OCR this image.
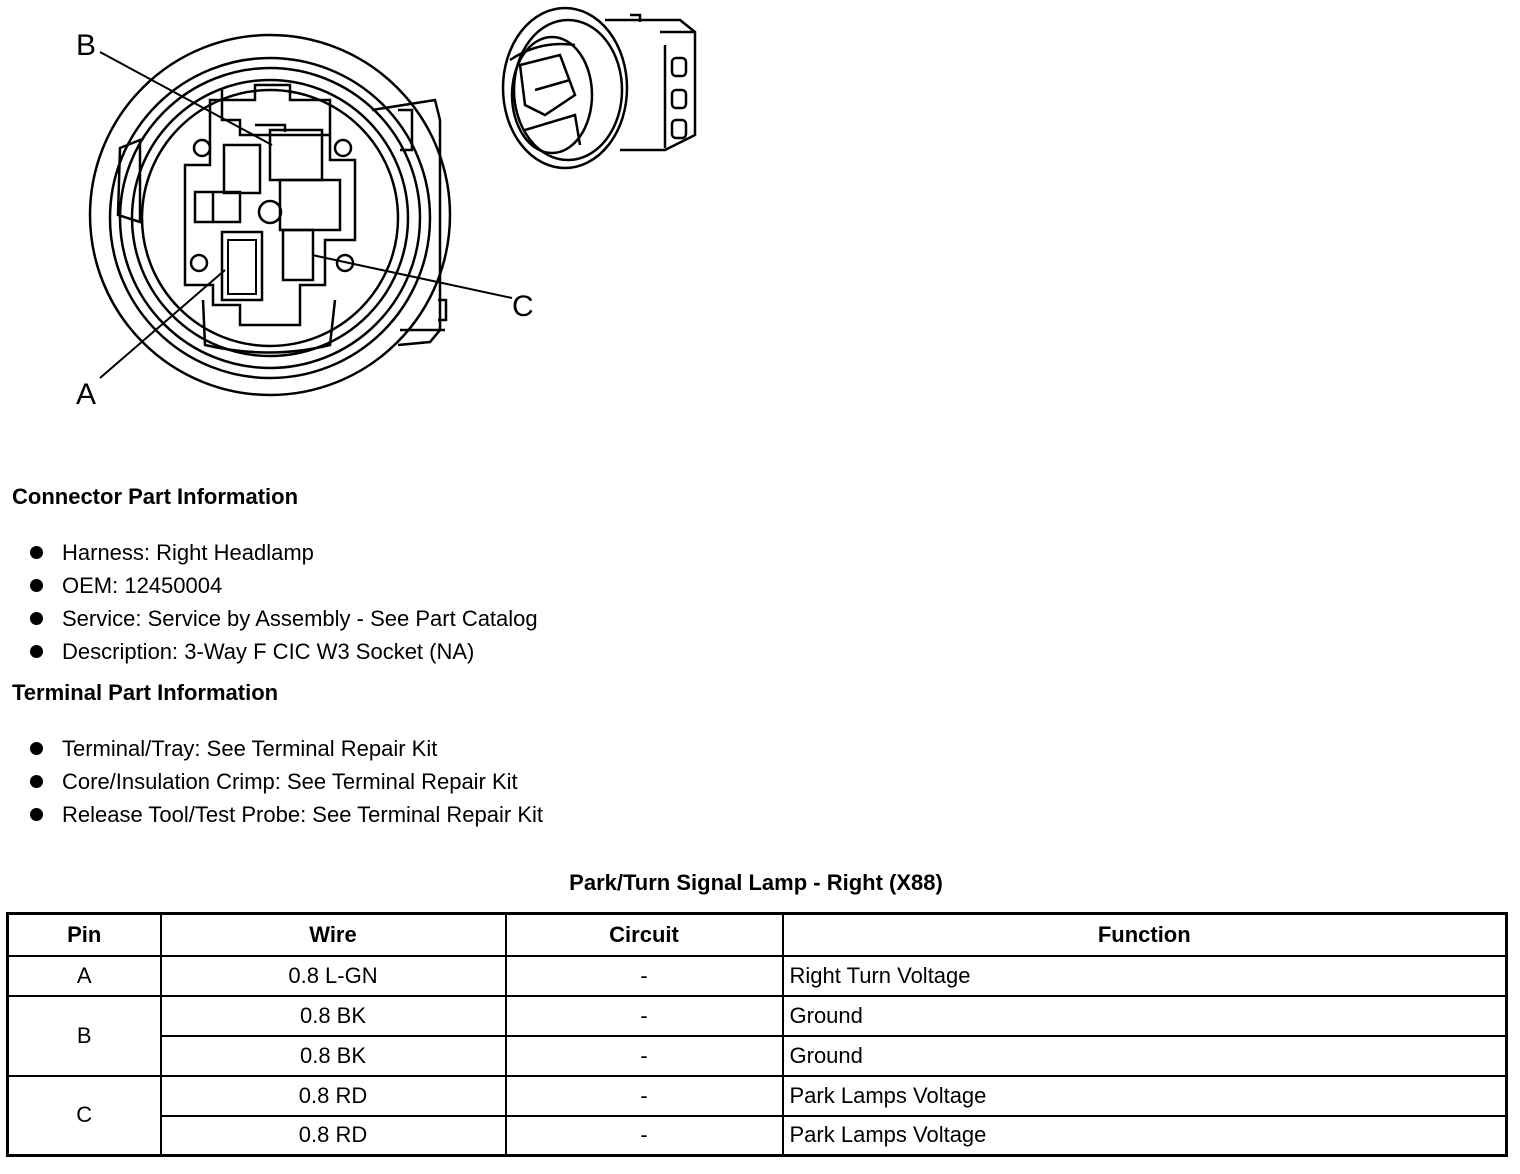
B
C
A
Connector Part Information
Harness: Right Headlamp
OEM: 12450004
Service: Service by Assembly - See Part Catalog
Description: 3-Way F CIC W3 Socket (NA)
Terminal Part Information
Terminal/Tray: See Terminal Repair Kit
Core/Insulation Crimp: See Terminal Repair Kit
Release Tool/Test Probe: See Terminal Repair Kit
Park/Turn Signal Lamp - Right (X88)
Pin	Wire	Circuit	Function
A	0.8 L-GN	-	Right Turn Voltage
B	0.8 BK	-	Ground
	0.8 BK	-	Ground
C	0.8 RD	-	Park Lamps Voltage
	0.8 RD	-	Park Lamps Voltage
